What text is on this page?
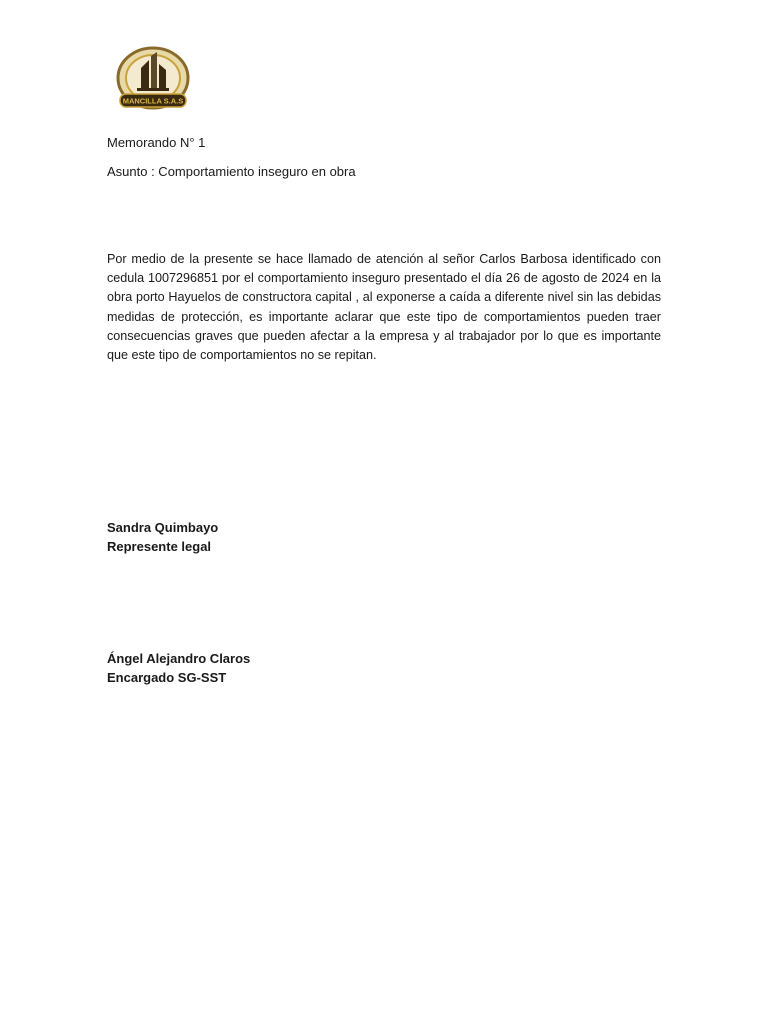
MANCILLA S.A.S
Memorando N° 1
Asunto : Comportamiento inseguro en obra

Por medio de la presente se hace llamado de atención al señor Carlos Barbosa identificado con cedula 1007296851 por el comportamiento inseguro presentado el día 26 de agosto de 2024 en la obra porto Hayuelos de constructora capital , al exponerse a caída a diferente nivel sin las debidas medidas de protección, es importante aclarar que este tipo de comportamientos pueden traer consecuencias graves que pueden afectar a la empresa y al trabajador por lo que es importante que este tipo de comportamientos no se repitan.

Sandra Quimbayo
Represente legal
Ángel Alejandro Claros
Encargado SG-SST
